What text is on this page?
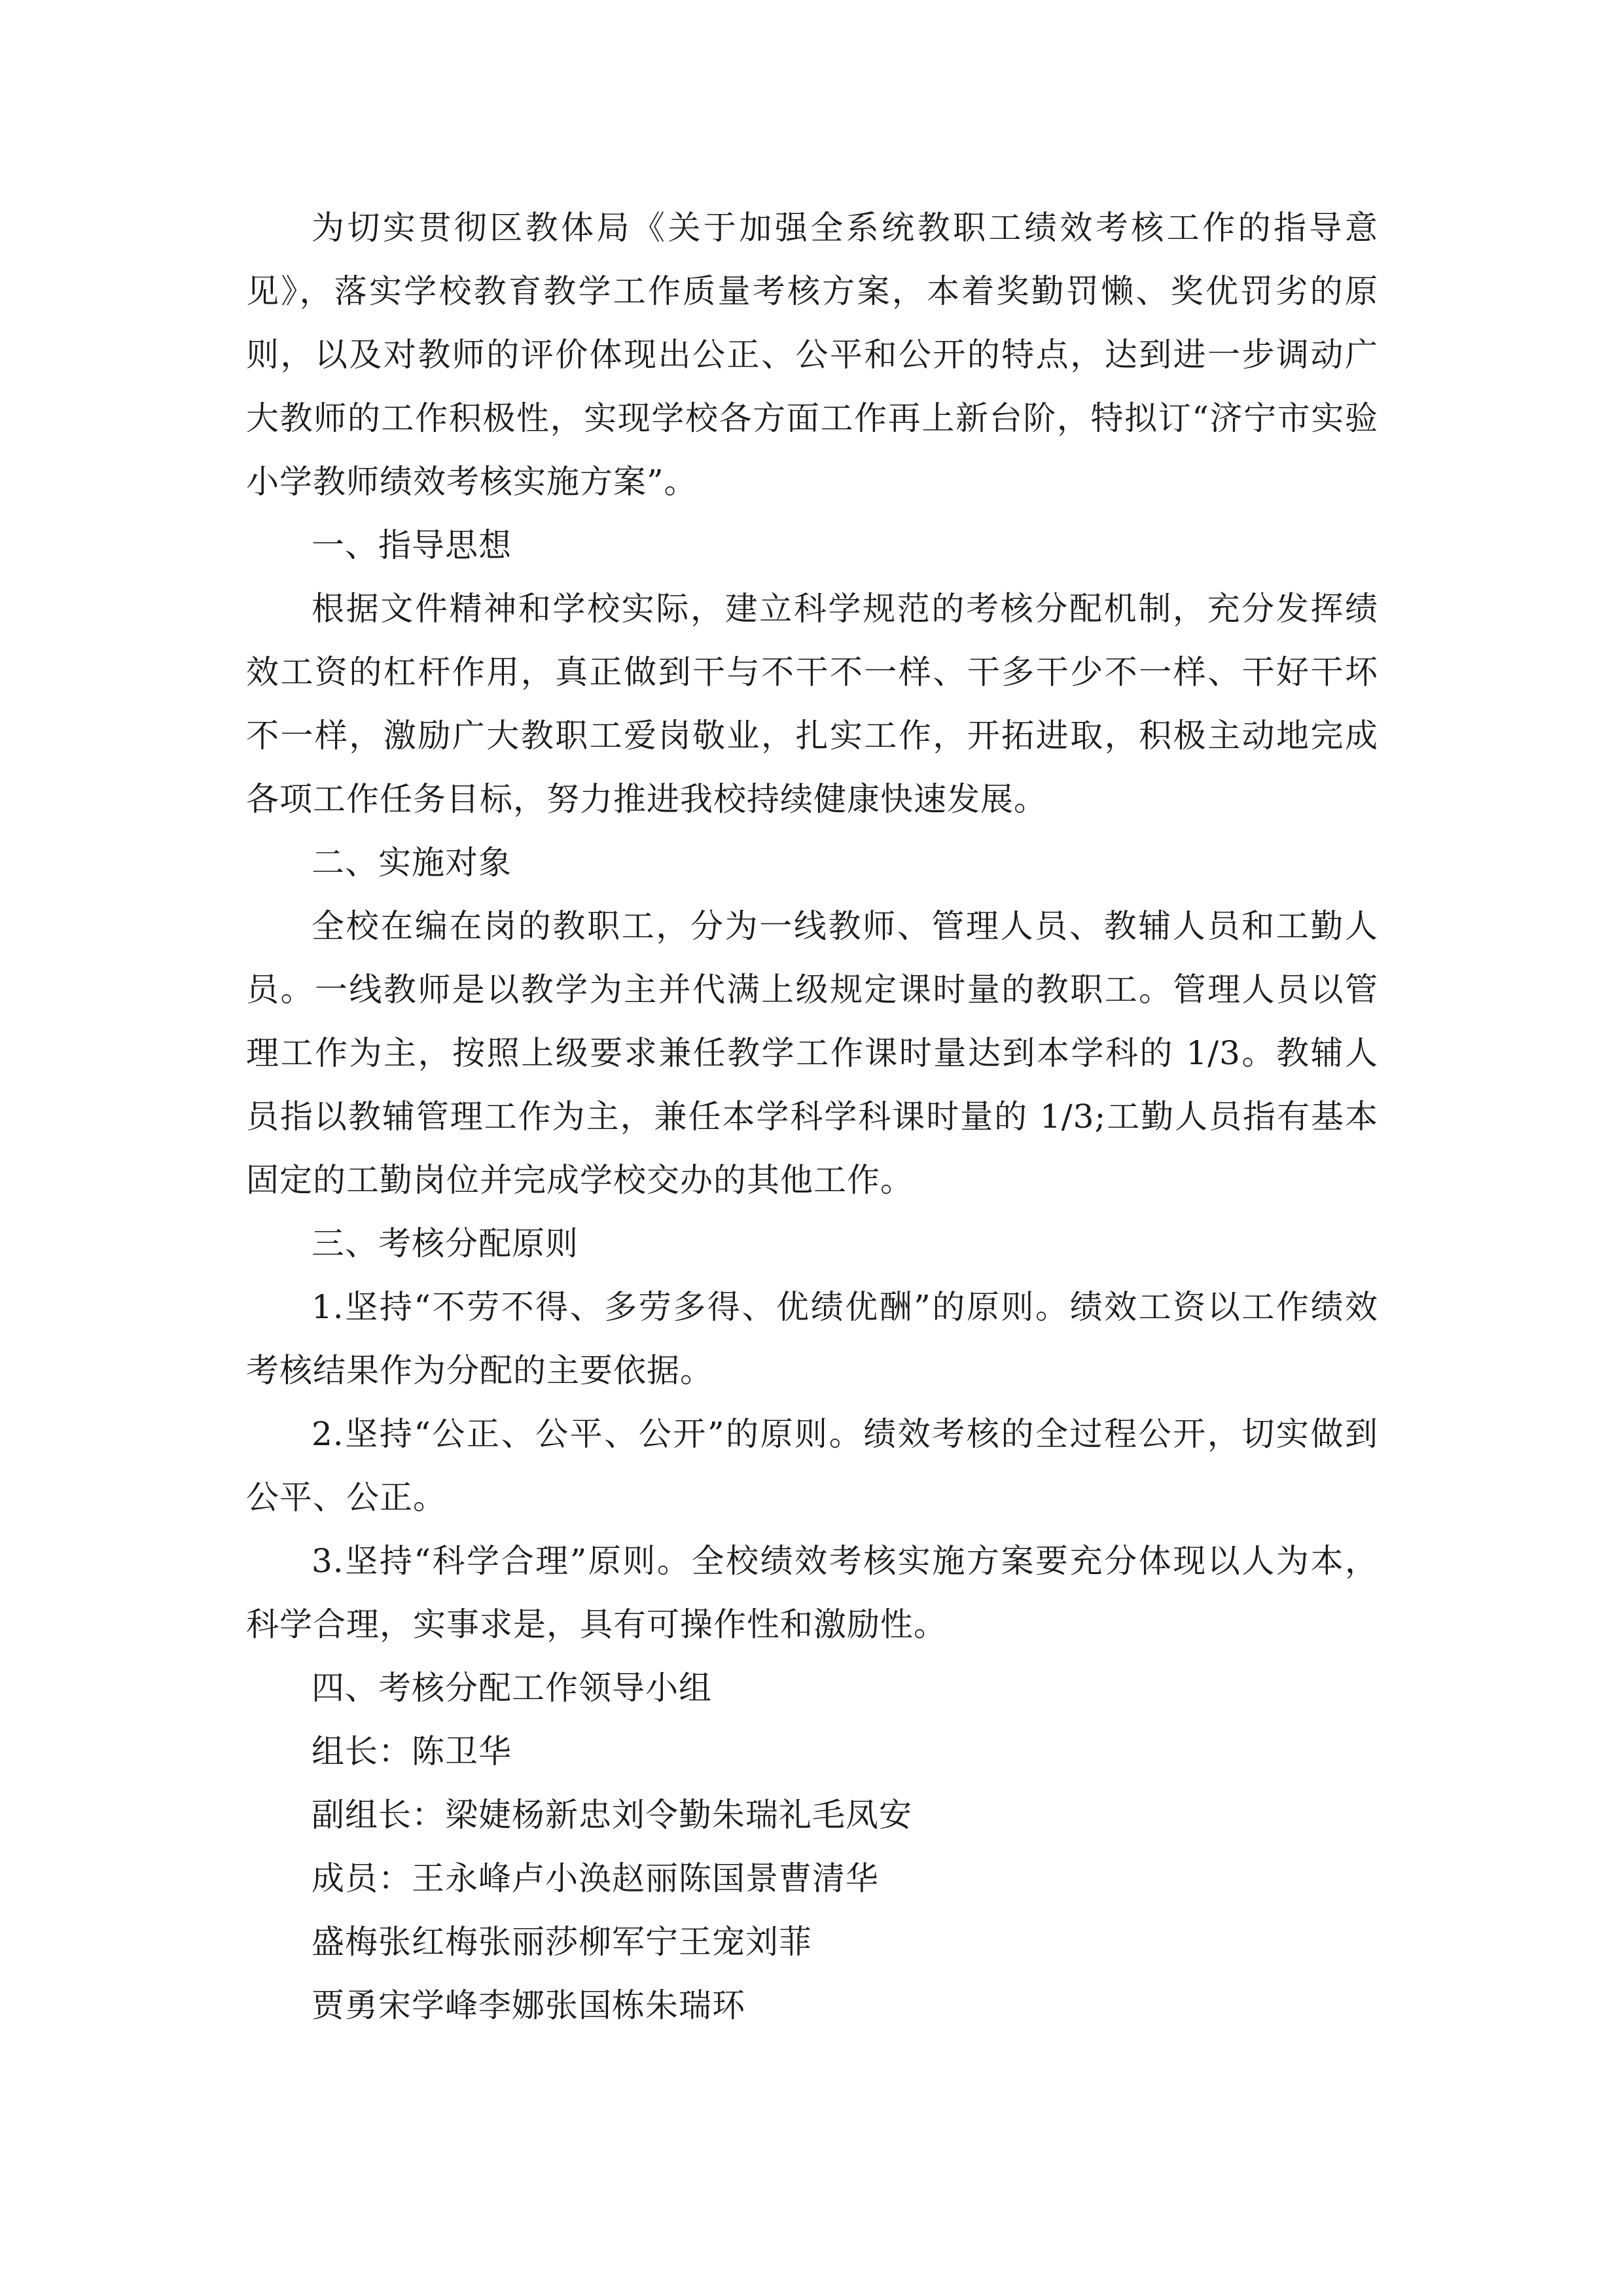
为切实贯彻区教体局《关于加强全系统教职工绩效考核工作的指导意见》，落实学校教育教学工作质量考核方案，本着奖勤罚懒、奖优罚劣的原则，以及对教师的评价体现出公正、公平和公开的特点，达到进一步调动广大教师的工作积极性，实现学校各方面工作再上新台阶，特拟订“济宁市实验小学教师绩效考核实施方案”。

一、指导思想

根据文件精神和学校实际，建立科学规范的考核分配机制，充分发挥绩效工资的杠杆作用，真正做到干与不干不一样、干多干少不一样、干好干坏不一样，激励广大教职工爱岗敬业，扎实工作，开拓进取，积极主动地完成各项工作任务目标，努力推进我校持续健康快速发展。

二、实施对象

全校在编在岗的教职工，分为一线教师、管理人员、教辅人员和工勤人员。一线教师是以教学为主并代满上级规定课时量的教职工。管理人员以管理工作为主，按照上级要求兼任教学工作课时量达到本学科的 1/3。教辅人员指以教辅管理工作为主，兼任本学科学科课时量的 1/3;工勤人员指有基本固定的工勤岗位并完成学校交办的其他工作。

三、考核分配原则

1.坚持“不劳不得、多劳多得、优绩优酬”的原则。绩效工资以工作绩效考核结果作为分配的主要依据。

2.坚持“公正、公平、公开”的原则。绩效考核的全过程公开，切实做到公平、公正。

3.坚持“科学合理”原则。全校绩效考核实施方案要充分体现以人为本，科学合理，实事求是，具有可操作性和激励性。

四、考核分配工作领导小组

组长：陈卫华

副组长：梁婕杨新忠刘令勤朱瑞礼毛凤安

成员：王永峰卢小涣赵丽陈国景曹清华

盛梅张红梅张丽莎柳军宁王宠刘菲

贾勇宋学峰李娜张国栋朱瑞环
